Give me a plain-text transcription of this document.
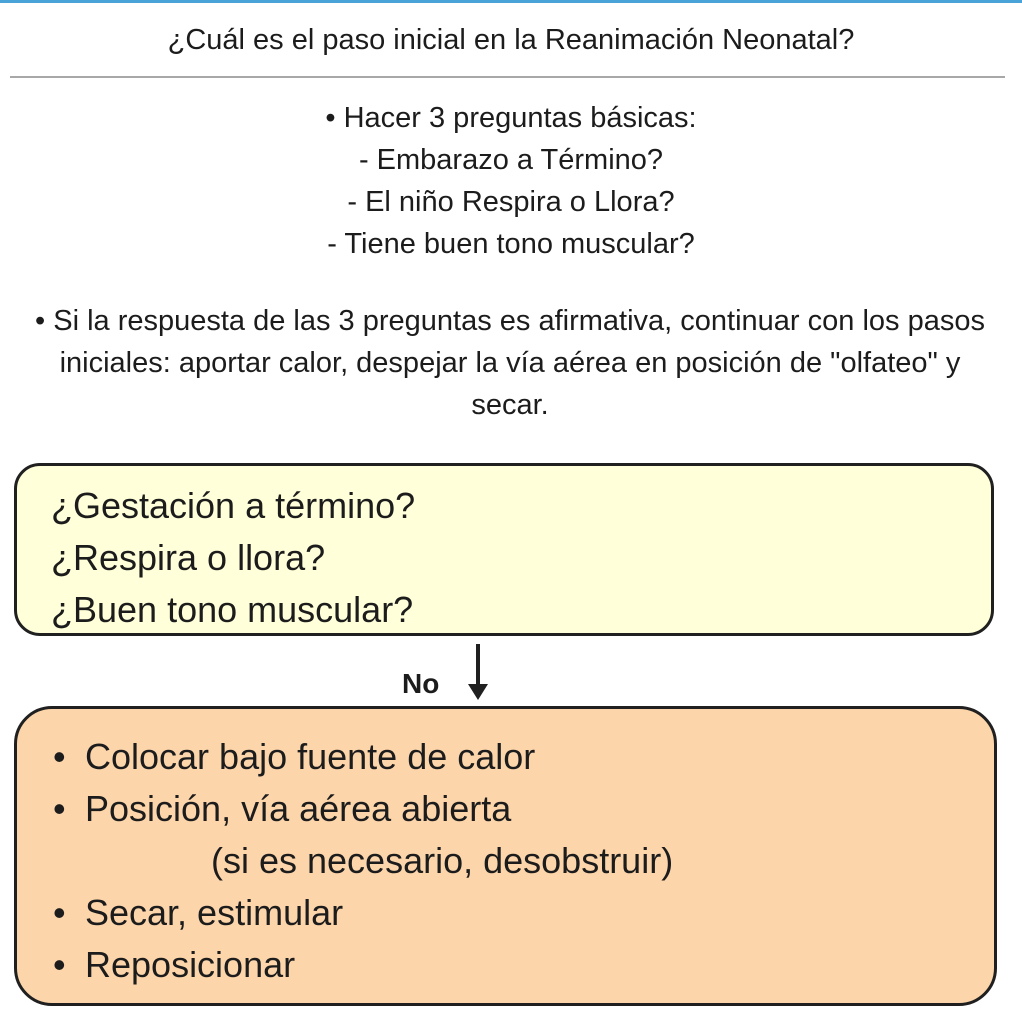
¿Cuál es el paso inicial en la Reanimación Neonatal?
• Hacer 3 preguntas básicas:
- Embarazo a Término?
- El niño Respira o Llora?
- Tiene buen tono muscular?
• Si la respuesta de las 3 preguntas es afirmativa, continuar con los pasos iniciales: aportar calor, despejar la vía aérea en posición de "olfateo" y secar.
¿Gestación a término?
¿Respira o llora?
¿Buen tono muscular?
No
• Colocar bajo fuente de calor
• Posición, vía aérea abierta
(si es necesario, desobstruir)
• Secar, estimular
• Reposicionar
